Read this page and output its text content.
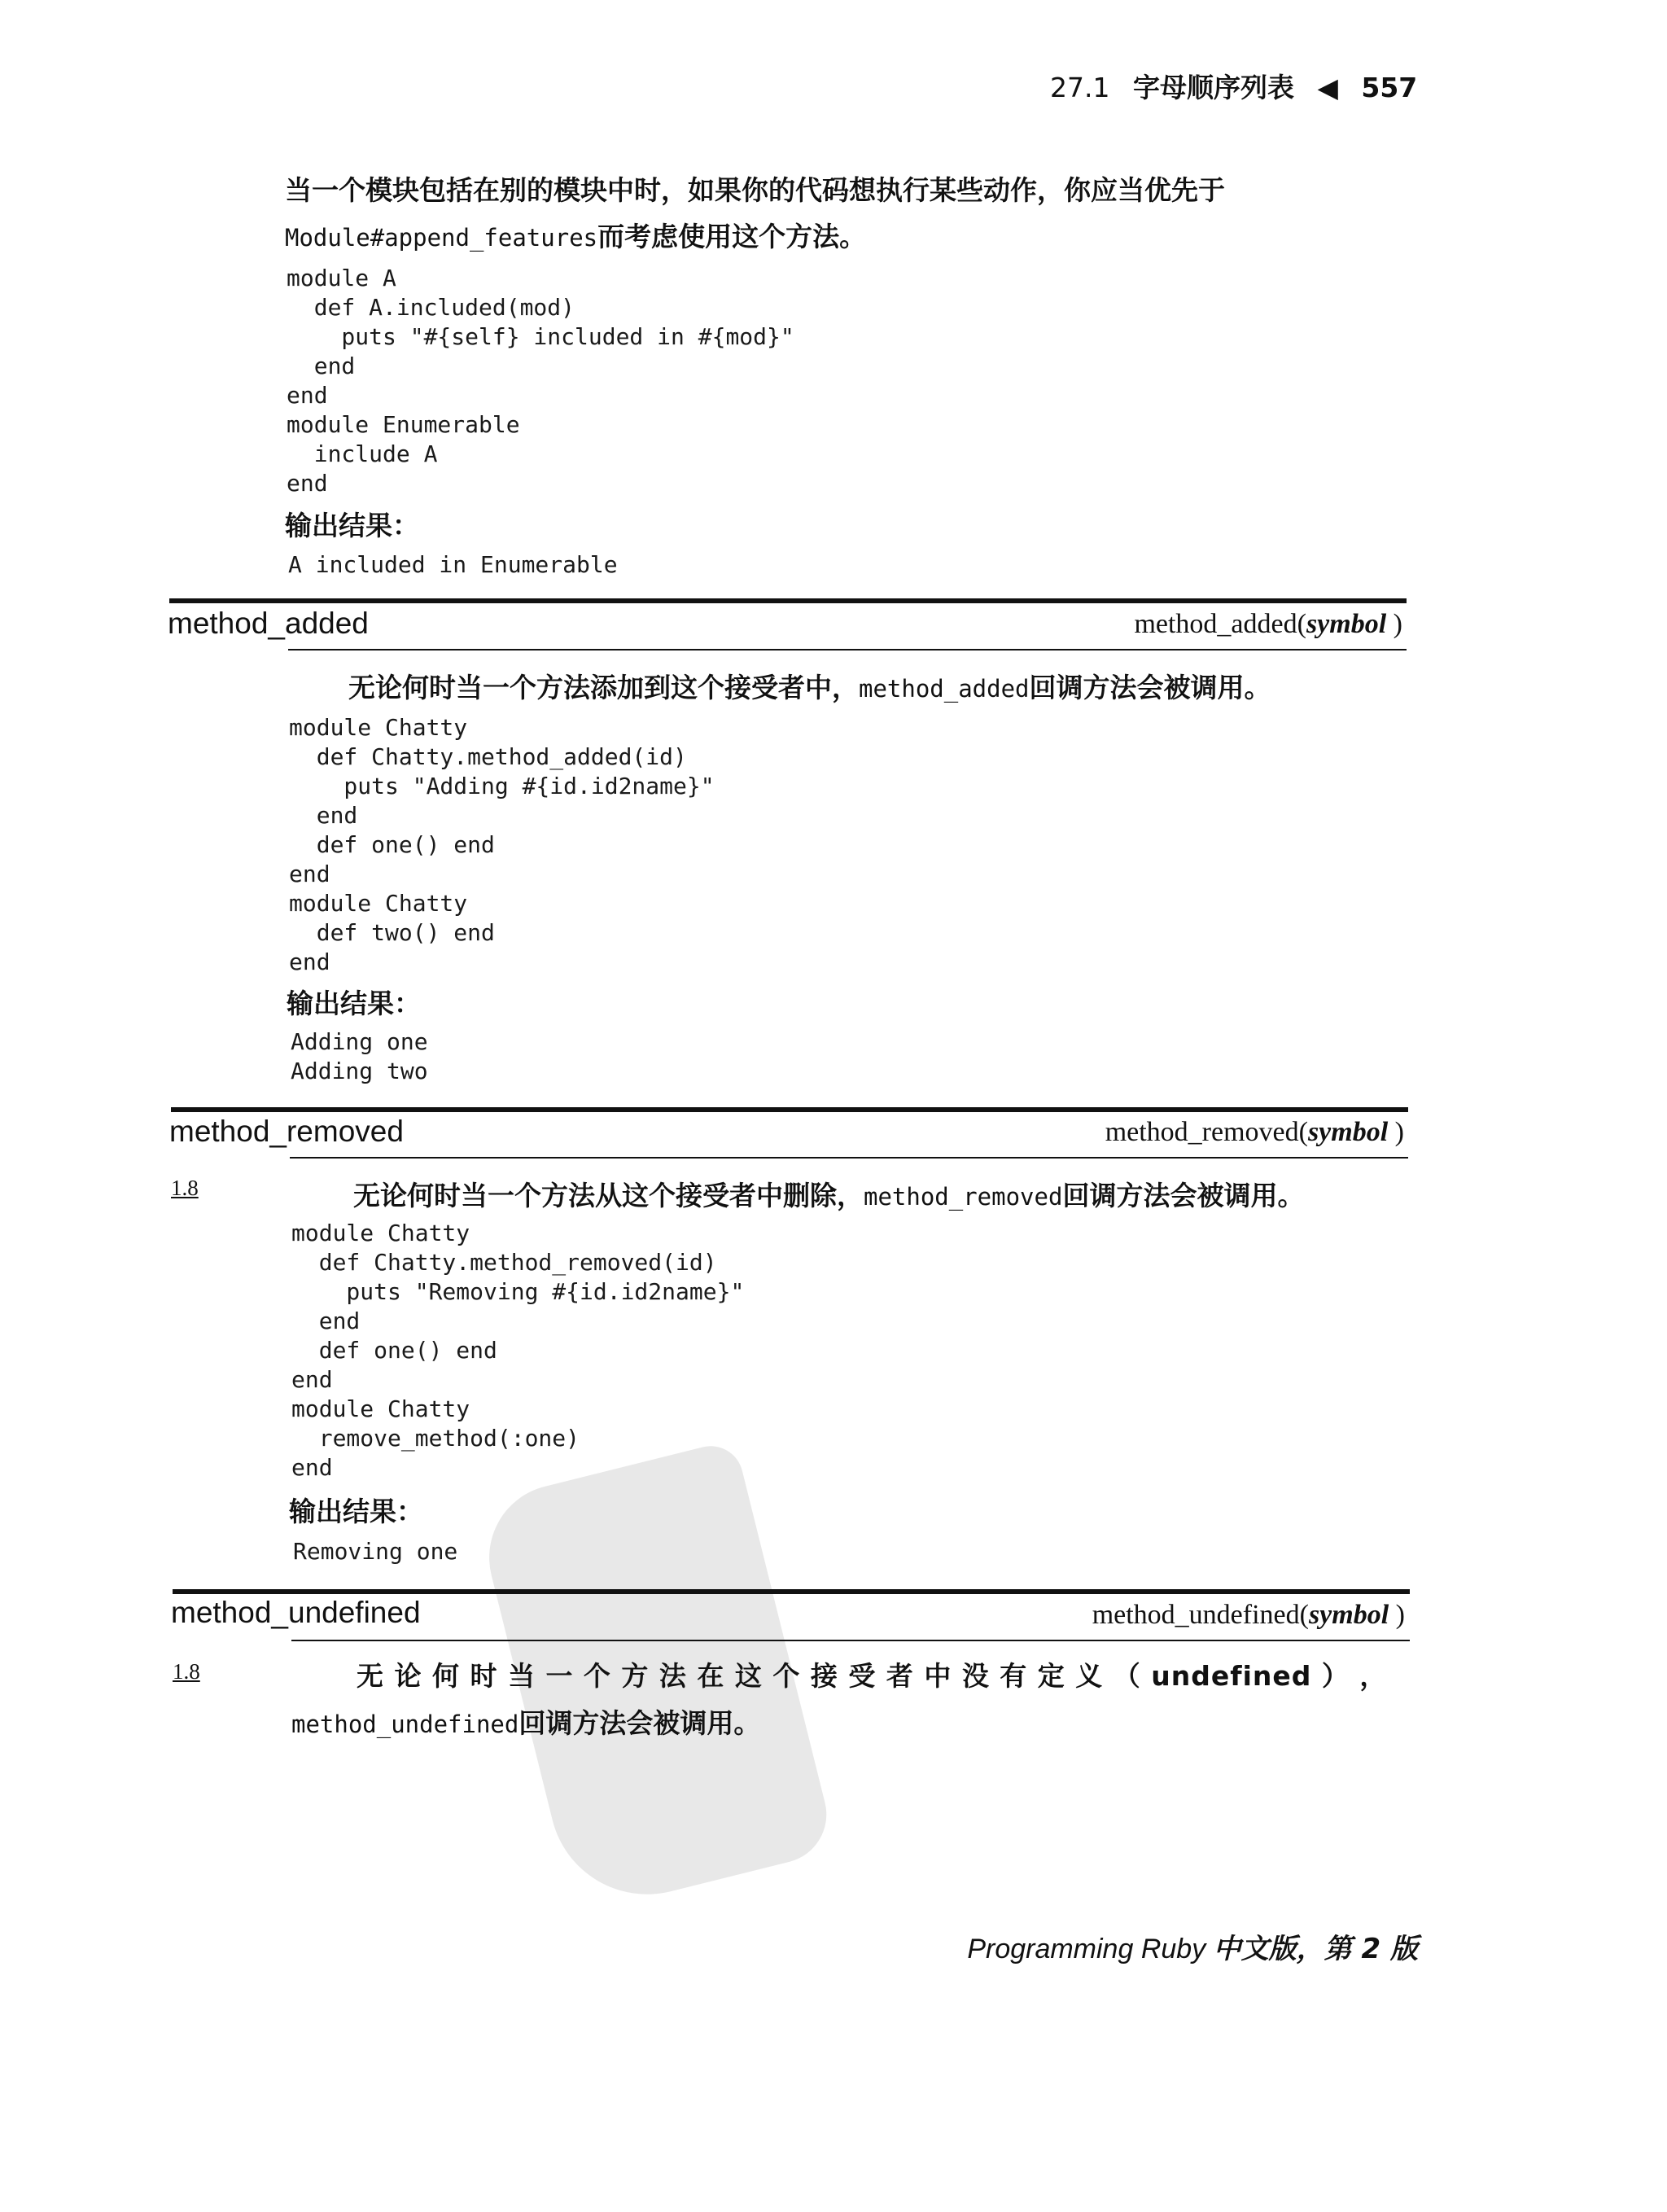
27.1 字母顺序列表 ◀ 557
当一个模块包括在别的模块中时，如果你的代码想执行某些动作，你应当优先于
Module#append_features而考虑使用这个方法。
module A
def A.included(mod)
puts "#{self} included in #{mod}"
end
end
module Enumerable
include A
end
输出结果：
A included in Enumerable
method_added	method_added(symbol )
无论何时当一个方法添加到这个接受者中，method_added回调方法会被调用。
module Chatty
def Chatty.method_added(id)
puts "Adding #{id.id2name}"
end
def one() end
end
module Chatty
def two() end
end
输出结果：
Adding one
Adding two
method_removed	method_removed(symbol )
1.8	无论何时当一个方法从这个接受者中删除，method_removed回调方法会被调用。
module Chatty
def Chatty.method_removed(id)
puts "Removing #{id.id2name}"
end
def one() end
end
module Chatty
remove_method(:one)
end
输出结果：
Removing one
method_undefined	method_undefined(symbol )
1.8	无 论 何 时 当 一 个 方 法 在 这 个 接 受 者 中 没 有 定 义 （ undefined ） ，
method_undefined回调方法会被调用。
Programming Ruby 中文版，第 2 版
